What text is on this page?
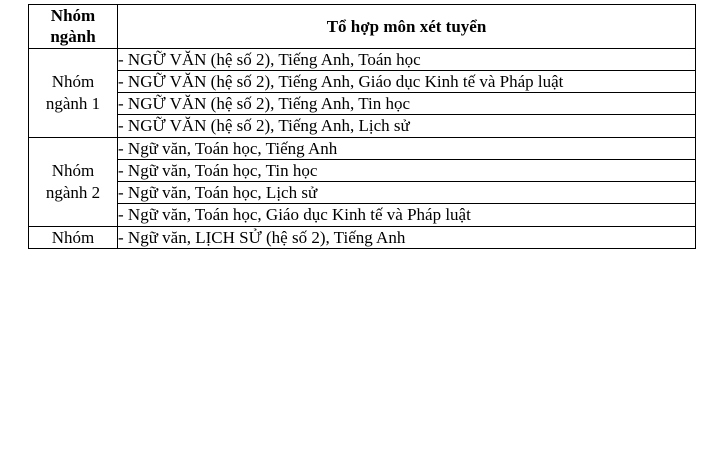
Nhóm
ngành	Tổ hợp môn xét tuyển

Nhóm
ngành 1	- NGỮ VĂN (hệ số 2), Tiếng Anh, Toán học
	- NGỮ VĂN (hệ số 2), Tiếng Anh, Giáo dục Kinh tế và Pháp luật
	- NGỮ VĂN (hệ số 2), Tiếng Anh, Tin học
	- NGỮ VĂN (hệ số 2), Tiếng Anh, Lịch sử

Nhóm
ngành 2	- Ngữ văn, Toán học, Tiếng Anh
	- Ngữ văn, Toán học, Tin học
	- Ngữ văn, Toán học, Lịch sử
	- Ngữ văn, Toán học, Giáo dục Kinh tế và Pháp luật

Nhóm	- Ngữ văn, LỊCH SỬ (hệ số 2), Tiếng Anh
